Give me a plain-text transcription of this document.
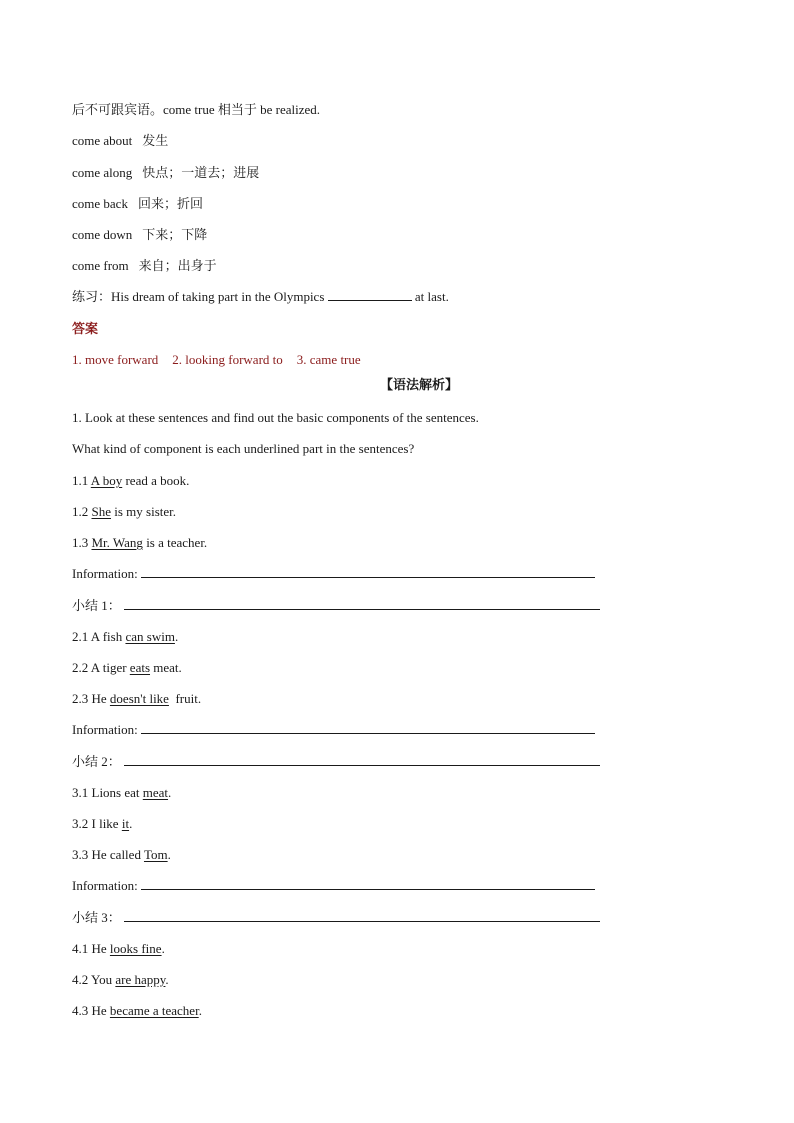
后不可跟宾语。come true 相当于 be realized.
come about 发生
come along 快点；一道去；进展
come back 回来；折回
come down 下来；下降
come from 来自；出身于
练习：His dream of taking part in the Olympics	at last.
答案
1. move forward 2. looking forward to 3. came true
【语法解析】
1. Look at these sentences and find out the basic components of the sentences.
What kind of component is each underlined part in the sentences?
1.1 A boy read a book.
1.2 She is my sister.
1.3 Mr. Wang is a teacher.
Information:
小结 1：
2.1 A fish can swim.
2.2 A tiger eats meat.
2.3 He doesn't like  fruit.
Information:
小结 2：
3.1 Lions eat meat.
3.2 I like it.
3.3 He called Tom.
Information:
小结 3：
4.1 He looks fine.
4.2 You are happy.
4.3 He became a teacher.
